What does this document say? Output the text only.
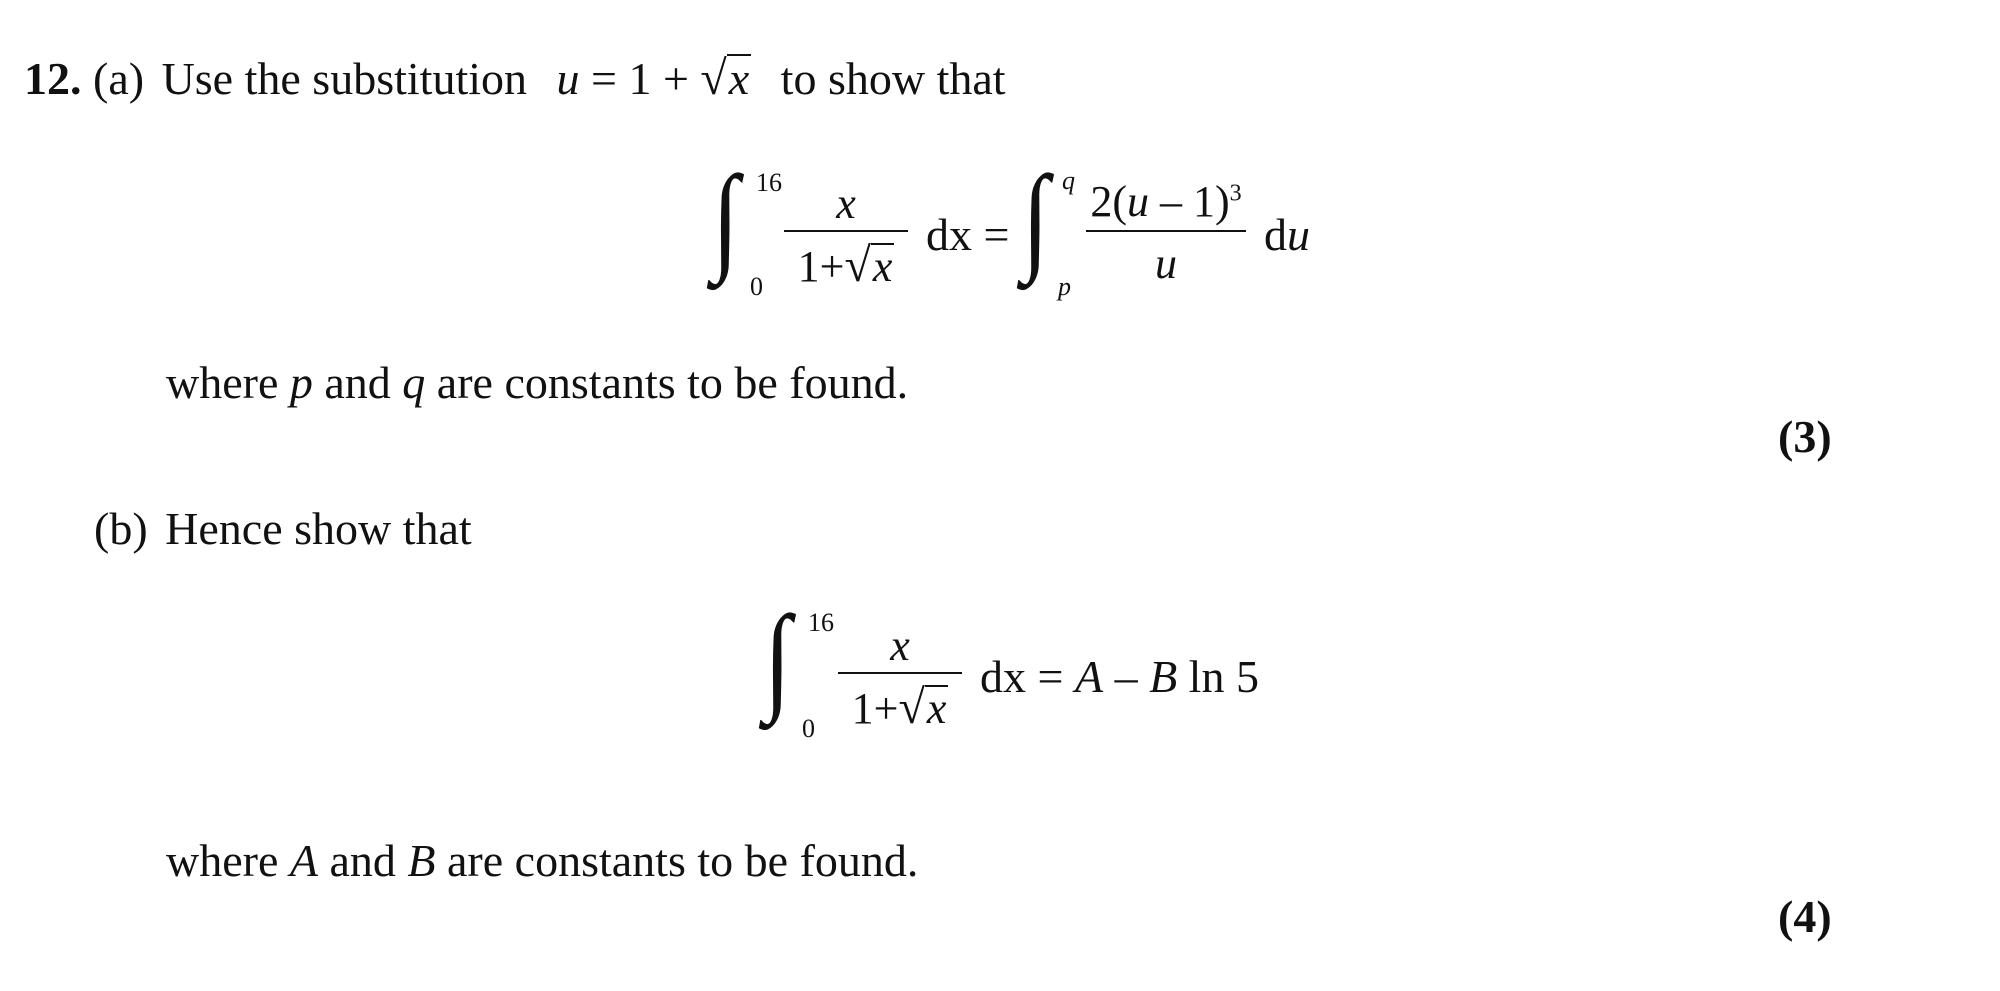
12. (a) Use the substitution u = 1 + √x to show that
∫ 16
0
x
1+√x
dx = ∫ q
p
2(u – 1)$^3$
u
du
where p and q are constants to be found.
(3)
(b) Hence show that
∫ 16
0
x
1+√x
dx = A – B ln 5
where A and B are constants to be found.
(4)
